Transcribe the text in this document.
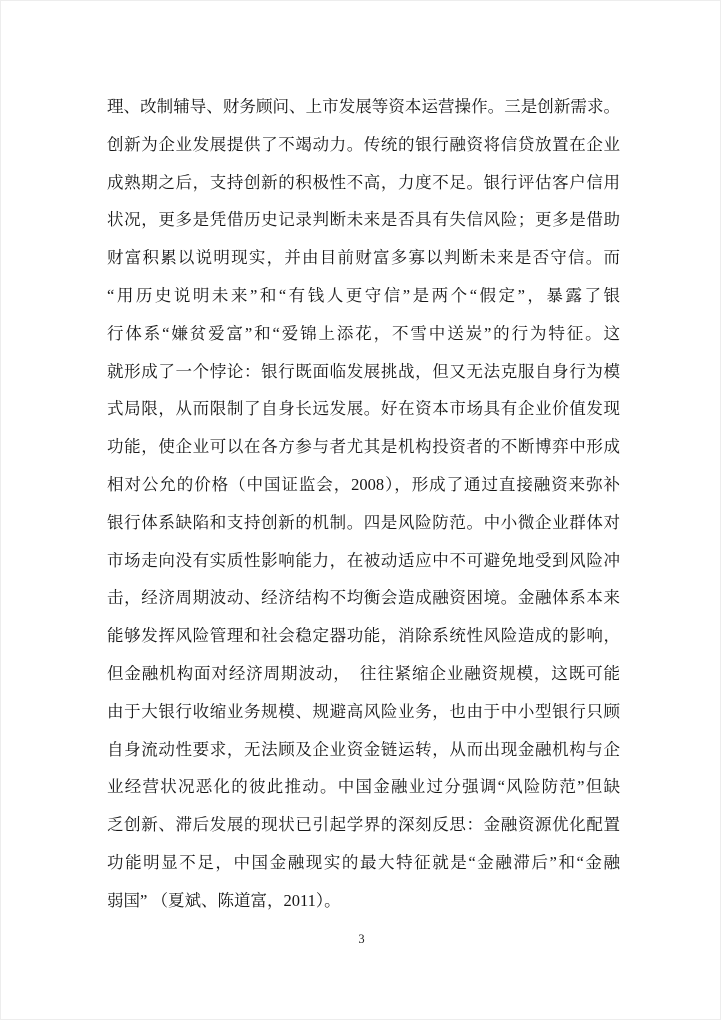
理、改制辅导、财务顾问、上市发展等资本运营操作。三是创新需求。
创新为企业发展提供了不竭动力。传统的银行融资将信贷放置在企业
成熟期之后，支持创新的积极性不高，力度不足。银行评估客户信用
状况，更多是凭借历史记录判断未来是否具有失信风险；更多是借助
财富积累以说明现实，并由目前财富多寡以判断未来是否守信。而
“用历史说明未来”和“有钱人更守信”是两个“假定”，暴露了银
行体系“嫌贫爱富”和“爱锦上添花，不雪中送炭”的行为特征。这
就形成了一个悖论：银行既面临发展挑战，但又无法克服自身行为模
式局限，从而限制了自身长远发展。好在资本市场具有企业价值发现
功能，使企业可以在各方参与者尤其是机构投资者的不断博弈中形成
相对公允的价格（中国证监会，2008），形成了通过直接融资来弥补
银行体系缺陷和支持创新的机制。四是风险防范。中小微企业群体对
市场走向没有实质性影响能力，在被动适应中不可避免地受到风险冲
击，经济周期波动、经济结构不均衡会造成融资困境。金融体系本来
能够发挥风险管理和社会稳定器功能，消除系统性风险造成的影响，
但金融机构面对经济周期波动，　往往紧缩企业融资规模，这既可能
由于大银行收缩业务规模、规避高风险业务，也由于中小型银行只顾
自身流动性要求，无法顾及企业资金链运转，从而出现金融机构与企
业经营状况恶化的彼此推动。中国金融业过分强调“风险防范”但缺
乏创新、滞后发展的现状已引起学界的深刻反思：金融资源优化配置
功能明显不足，中国金融现实的最大特征就是“金融滞后”和“金融
弱国” （夏斌、陈道富，2011）。
3
